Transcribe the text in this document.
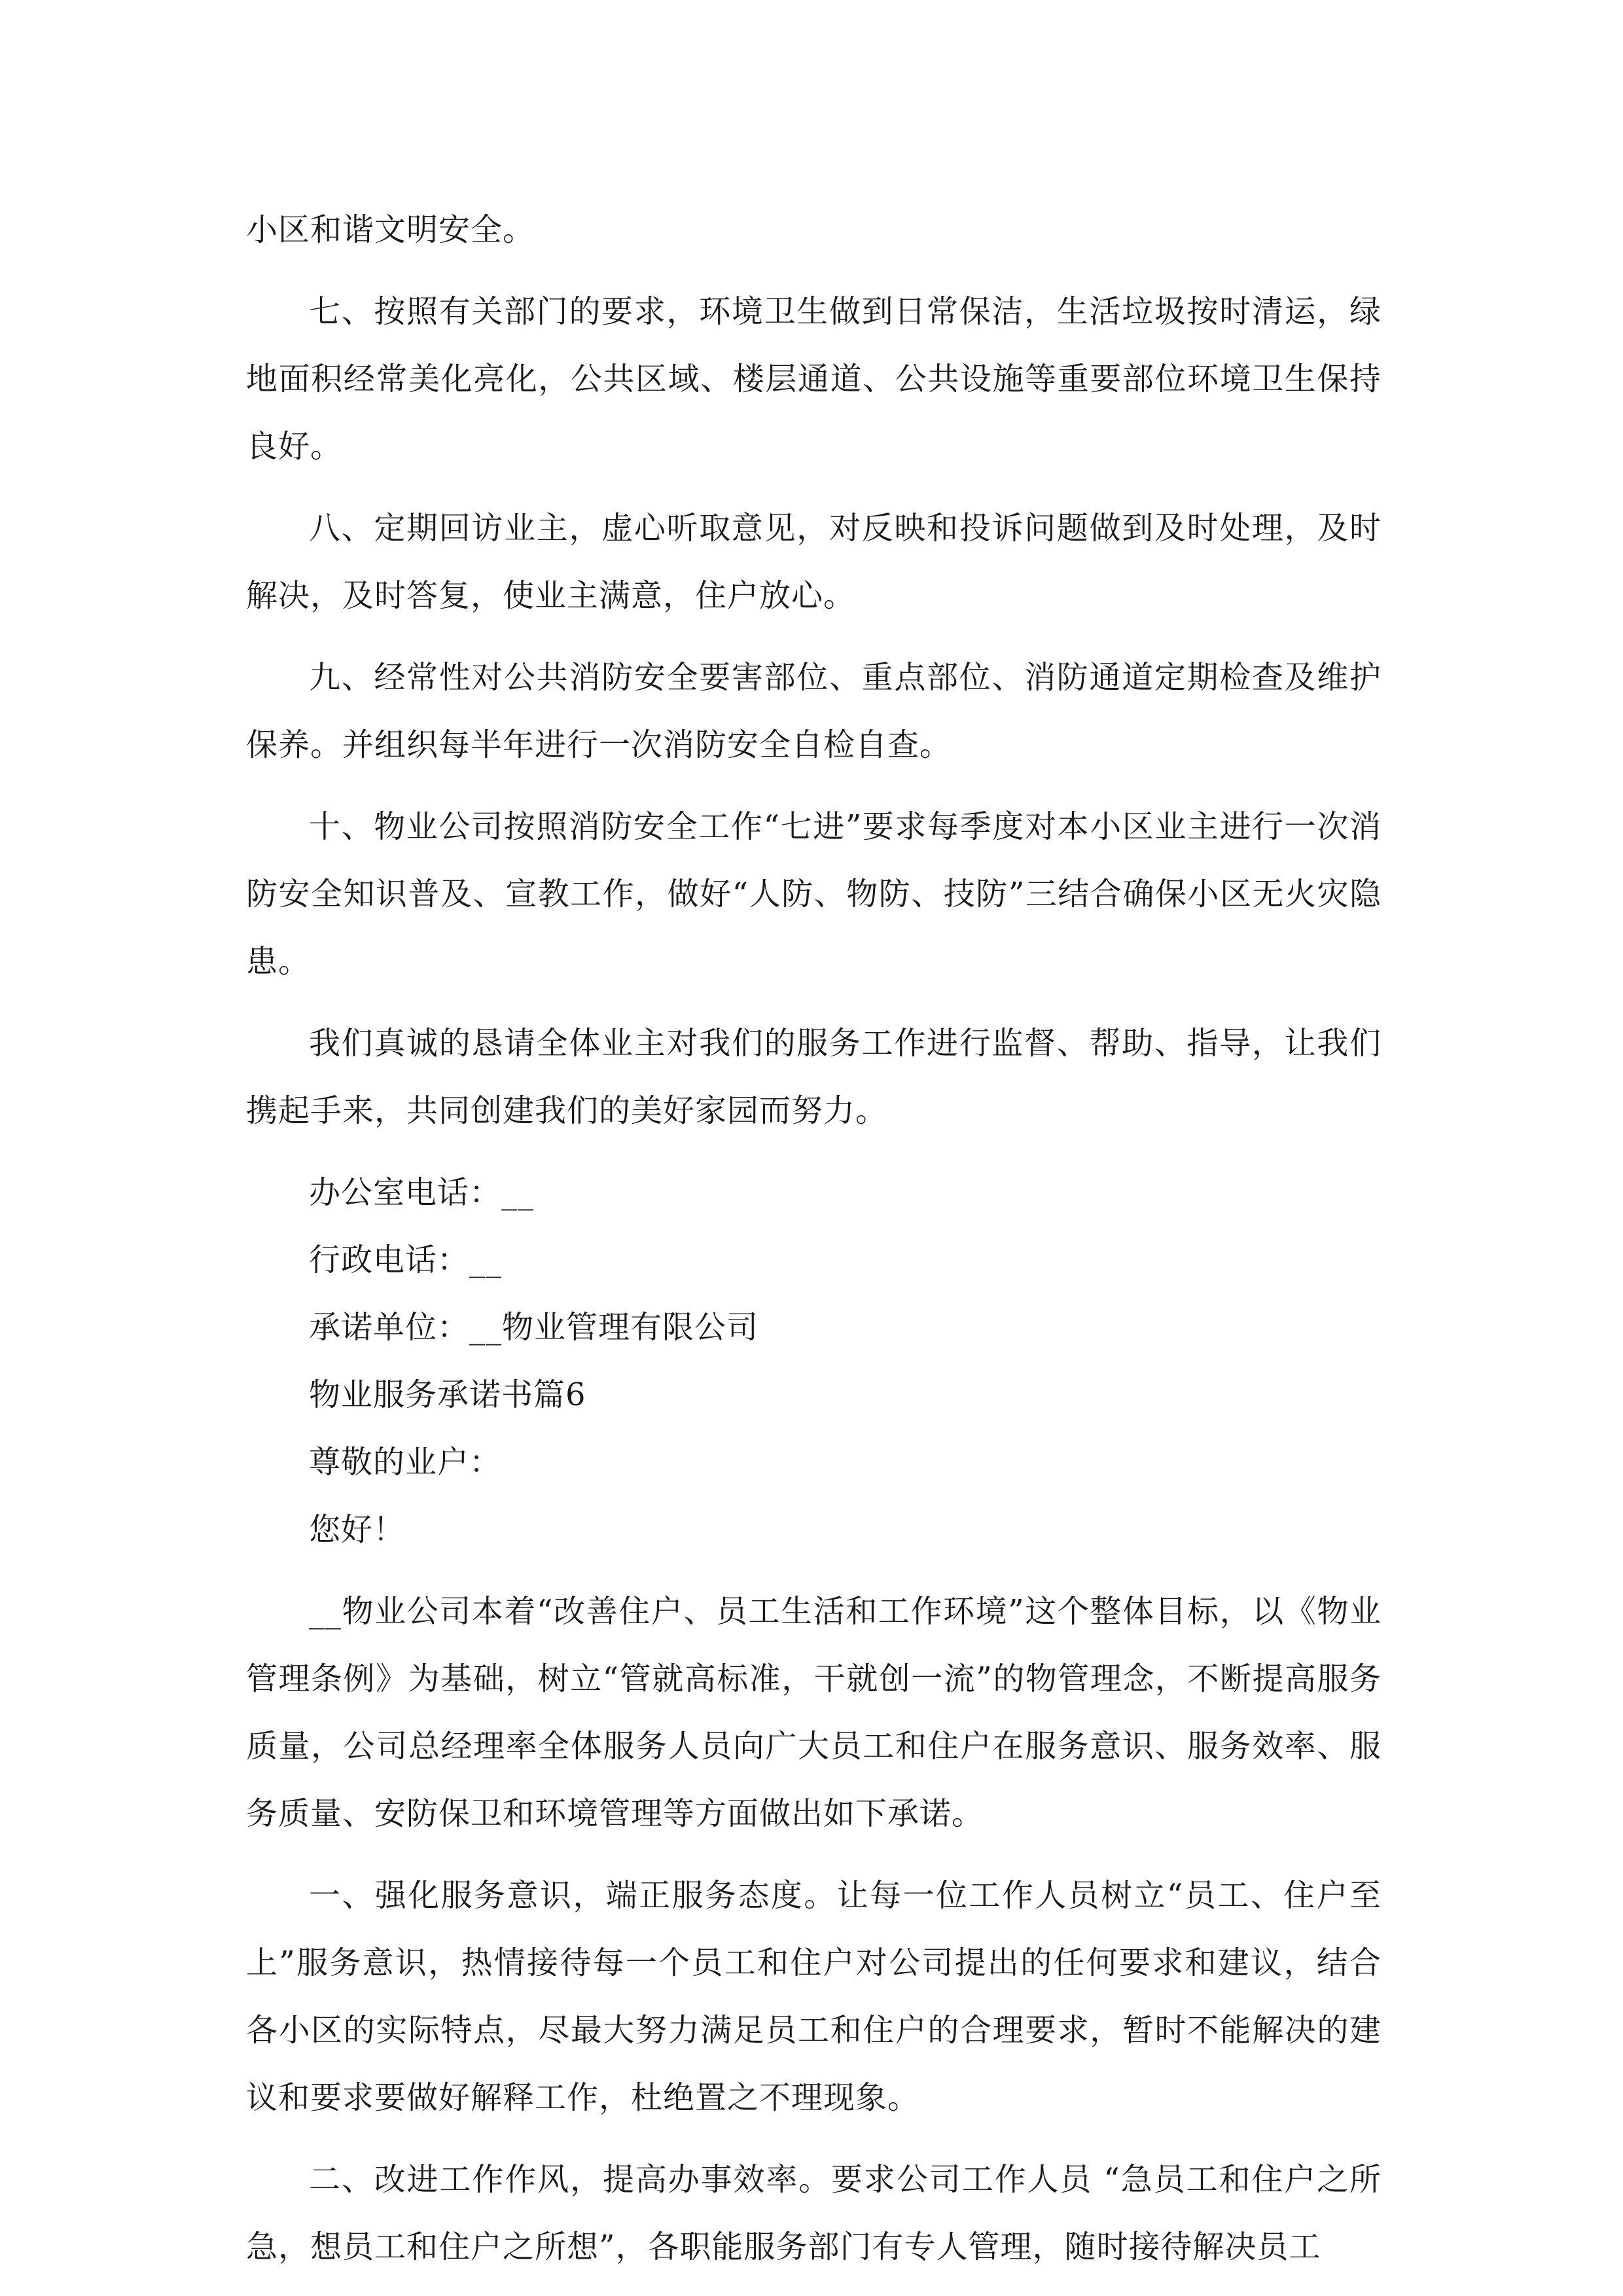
小区和谐文明安全。

七、按照有关部门的要求，环境卫生做到日常保洁，生活垃圾按时清运，绿地面积经常美化亮化，公共区域、楼层通道、公共设施等重要部位环境卫生保持良好。

八、定期回访业主，虚心听取意见，对反映和投诉问题做到及时处理，及时解决，及时答复，使业主满意，住户放心。

九、经常性对公共消防安全要害部位、重点部位、消防通道定期检查及维护保养。并组织每半年进行一次消防安全自检自查。

十、物业公司按照消防安全工作“七进”要求每季度对本小区业主进行一次消防安全知识普及、宣教工作，做好“人防、物防、技防”三结合确保小区无火灾隐患。

我们真诚的恳请全体业主对我们的服务工作进行监督、帮助、指导，让我们携起手来，共同创建我们的美好家园而努力。

办公室电话：__

行政电话：__

承诺单位：__物业管理有限公司

物业服务承诺书篇6

尊敬的业户：

您好！

__物业公司本着“改善住户、员工生活和工作环境”这个整体目标，以《物业管理条例》为基础，树立“管就高标准，干就创一流”的物管理念，不断提高服务质量，公司总经理率全体服务人员向广大员工和住户在服务意识、服务效率、服务质量、安防保卫和环境管理等方面做出如下承诺。

一、强化服务意识，端正服务态度。让每一位工作人员树立“员工、住户至上”服务意识，热情接待每一个员工和住户对公司提出的任何要求和建议，结合各小区的实际特点，尽最大努力满足员工和住户的合理要求，暂时不能解决的建议和要求要做好解释工作，杜绝置之不理现象。

二、改进工作作风，提高办事效率。要求公司工作人员 “急员工和住户之所急，想员工和住户之所想”，各职能服务部门有专人管理，随时接待解决员工
